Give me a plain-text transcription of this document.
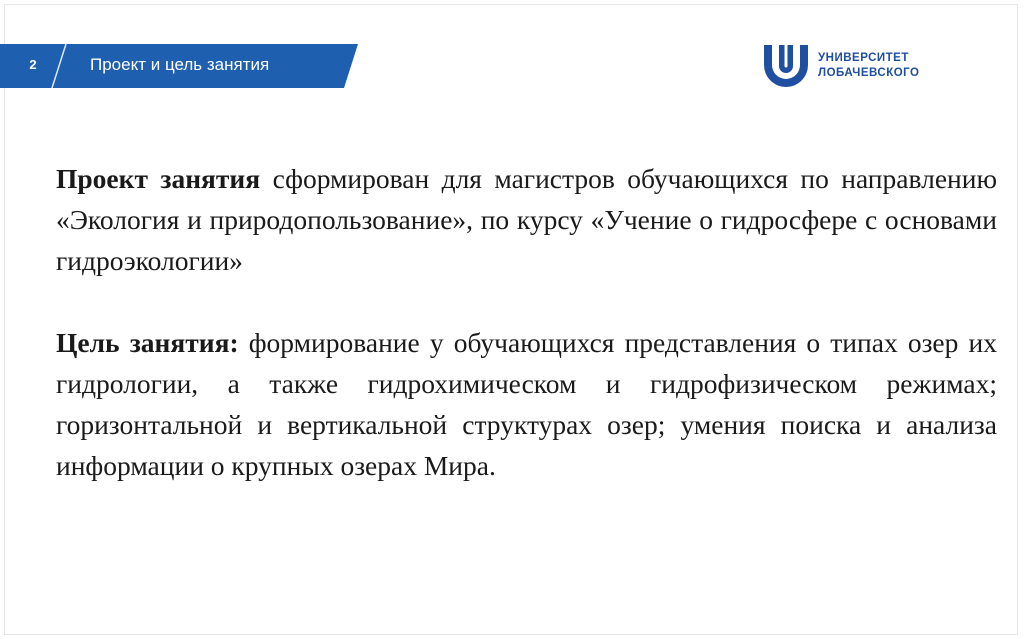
2	Проект и цель занятия	УНИВЕРСИТЕТ
ЛОБАЧЕВСКОГО

Проект занятия сформирован для магистров обучающихся по направлению «Экология и природопользование», по курсу «Учение о гидросфере с основами гидроэкологии»

Цель занятия: формирование у обучающихся представления о типах озер их гидрологии, а также гидрохимическом и гидрофизическом режимах; горизонтальной и вертикальной структурах озер; умения поиска и анализа информации о крупных озерах Мира.
